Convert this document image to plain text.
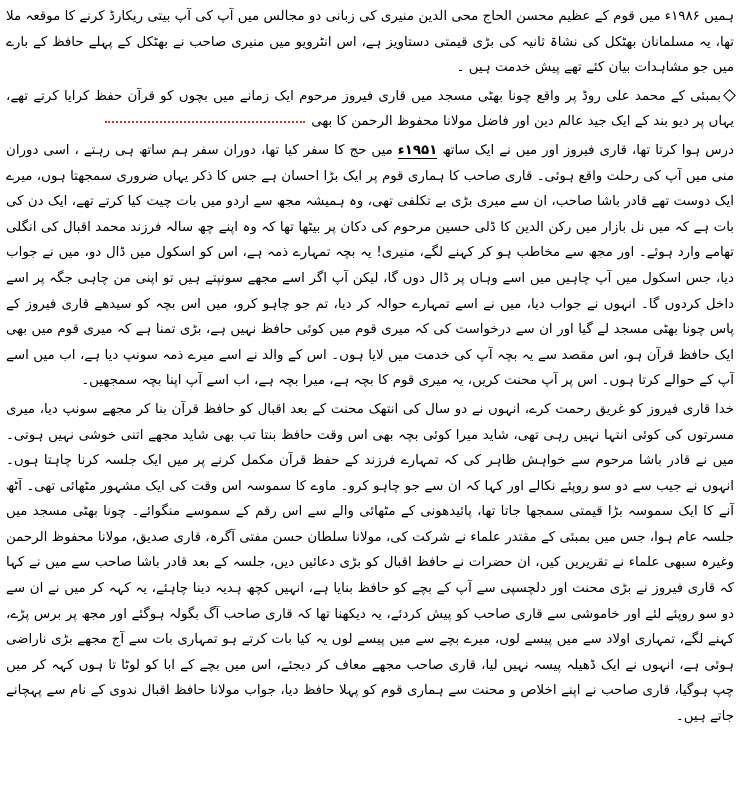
ہمیں ۱۹۸۶ء میں قوم کے عظیم محسن الحاج محی الدین منیری کی زبانی دو مجالس میں آپ کی آپ بیتی ریکارڈ کرنے کا موقعہ ملا تھا، یہ مسلمانان بھٹکل کی نشاۃ ثانیہ کی بڑی قیمتی دستاویز ہے، اس انٹرویو میں منیری صاحب نے بھٹکل کے پہلے حافظ کے بارے میں جو مشاہدات بیان کئے تھے پیش خدمت ہیں ۔

بمبئی کے محمد علی روڈ پر واقع چونا بھٹی مسجد میں قاری فیروز مرحوم ایک زمانے میں بچوں کو قرآن حفظ کرایا کرتے تھے، یہاں پر دیو بند کے ایک جید عالم دین اور فاضل مولانا محفوظ الرحمن کا بھی

درس ہوا کرتا تھا، قاری فیروز اور میں نے ایک ساتھ ۱۹۵۱ء میں حج کا سفر کیا تھا، دوران سفر ہم ساتھ ہی رہتے ، اسی دوران منی میں آپ کی رحلت واقع ہوئی۔ قاری صاحب کا ہماری قوم پر ایک بڑا احسان ہے جس کا ذکر یہاں ضروری سمجھتا ہوں، میرے ایک دوست تھے قادر باشا صاحب، ان سے میری بڑی بے تکلفی تھی، وہ ہمیشہ مجھ سے اردو میں بات چیت کیا کرتے تھے، ایک دن کی بات ہے کہ میں نل بازار میں رکن الدین کا ڈلی حسین مرحوم کی دکان پر بیٹھا تھا کہ وہ اپنے چھ سالہ فرزند محمد اقبال کی انگلی تھامے وارد ہوئے۔ اور مجھ سے مخاطب ہو کر کہنے لگے، منیری! یہ بچہ تمہارے ذمہ ہے، اس کو اسکول میں ڈال دو، میں نے جواب دیا، جس اسکول میں آپ چاہیں میں اسے وہاں پر ڈال دوں گا، لیکن آپ اگر اسے مجھے سونپتے ہیں تو اپنی من چاہی جگہ پر اسے داخل کردوں گا۔ انہوں نے جواب دیا، میں نے اسے تمہارے حوالہ کر دیا، تم جو چاہو کرو، میں اس بچہ کو سیدھے قاری فیروز کے پاس چونا بھٹی مسجد لے گیا اور ان سے درخواست کی کہ میری قوم میں کوئی حافظ نہیں ہے، بڑی تمنا ہے کہ میری قوم میں بھی ایک حافظ قرآن ہو، اس مقصد سے یہ بچہ آپ کی خدمت میں لایا ہوں۔ اس کے والد نے اسے میرے ذمہ سونپ دیا ہے، اب میں اسے آپ کے حوالے کرتا ہوں۔ اس پر آپ محنت کریں، یہ میری قوم کا بچہ ہے، میرا بچہ ہے، اب اسے آپ اپنا بچہ سمجھیں۔

خدا قاری فیروز کو غریق رحمت کرے، انہوں نے دو سال کی انتھک محنت کے بعد اقبال کو حافظ قرآن بنا کر مجھے سونپ دیا، میری مسرتوں کی کوئی انتہا نہیں رہی تھی، شاید میرا کوئی بچہ بھی اس وقت حافظ بنتا تب بھی شاید مجھے اتنی خوشی نہیں ہوتی۔ میں نے قادر باشا مرحوم سے خواہش ظاہر کی کہ تمہارے فرزند کے حفظ قرآن مکمل کرنے پر میں ایک جلسہ کرنا چاہتا ہوں۔ انہوں نے جیب سے دو سو روپئے نکالے اور کہا کہ ان سے جو چاہو کرو۔ ماوے کا سموسہ اس وقت کی ایک مشہور مٹھائی تھی۔ آٹھ آنے کا ایک سموسہ بڑا قیمتی سمجھا جاتا تھا، پائیدھونی کے مٹھائی والے سے اس رقم کے سموسے منگوائے۔ چونا بھٹی مسجد میں جلسہ عام ہوا، جس میں بمبئی کے مقتدر علماء نے شرکت کی، مولانا سلطان حسن مفتی آگرہ، قاری صدیق، مولانا محفوظ الرحمن وغیرہ سبھی علماء نے تقریریں کیں، ان حضرات نے حافظ اقبال کو بڑی دعائیں دیں، جلسہ کے بعد قادر باشا صاحب سے میں نے کہا کہ قاری فیروز نے بڑی محنت اور دلچسپی سے آپ کے بچے کو حافظ بنایا ہے، انہیں کچھ ہدیہ دینا چاہئے، یہ کہہ کر میں نے ان سے دو سو روپئے لئے اور خاموشی سے قاری صاحب کو پیش کردئے، یہ دیکھنا تھا کہ قاری صاحب آگ بگولہ ہوگئے اور مجھ پر برس پڑے، کہنے لگے، تمہاری اولاد سے میں پیسے لوں، میرے بچے سے میں پیسے لوں یہ کیا بات کرتے ہو تمہاری بات سے آج مجھے بڑی ناراضی ہوئی ہے، انہوں نے ایک ڈھیلہ پیسہ نہیں لیا، قاری صاحب مجھے معاف کر دیجئے، اس میں بچے کے ابا کو لوٹا تا ہوں کہہ کر میں چپ ہوگیا، قاری صاحب نے اپنے اخلاص و محنت سے ہماری قوم کو پہلا حافظ دیا، جواب مولانا حافظ اقبال ندوی کے نام سے پہچانے جاتے ہیں۔
